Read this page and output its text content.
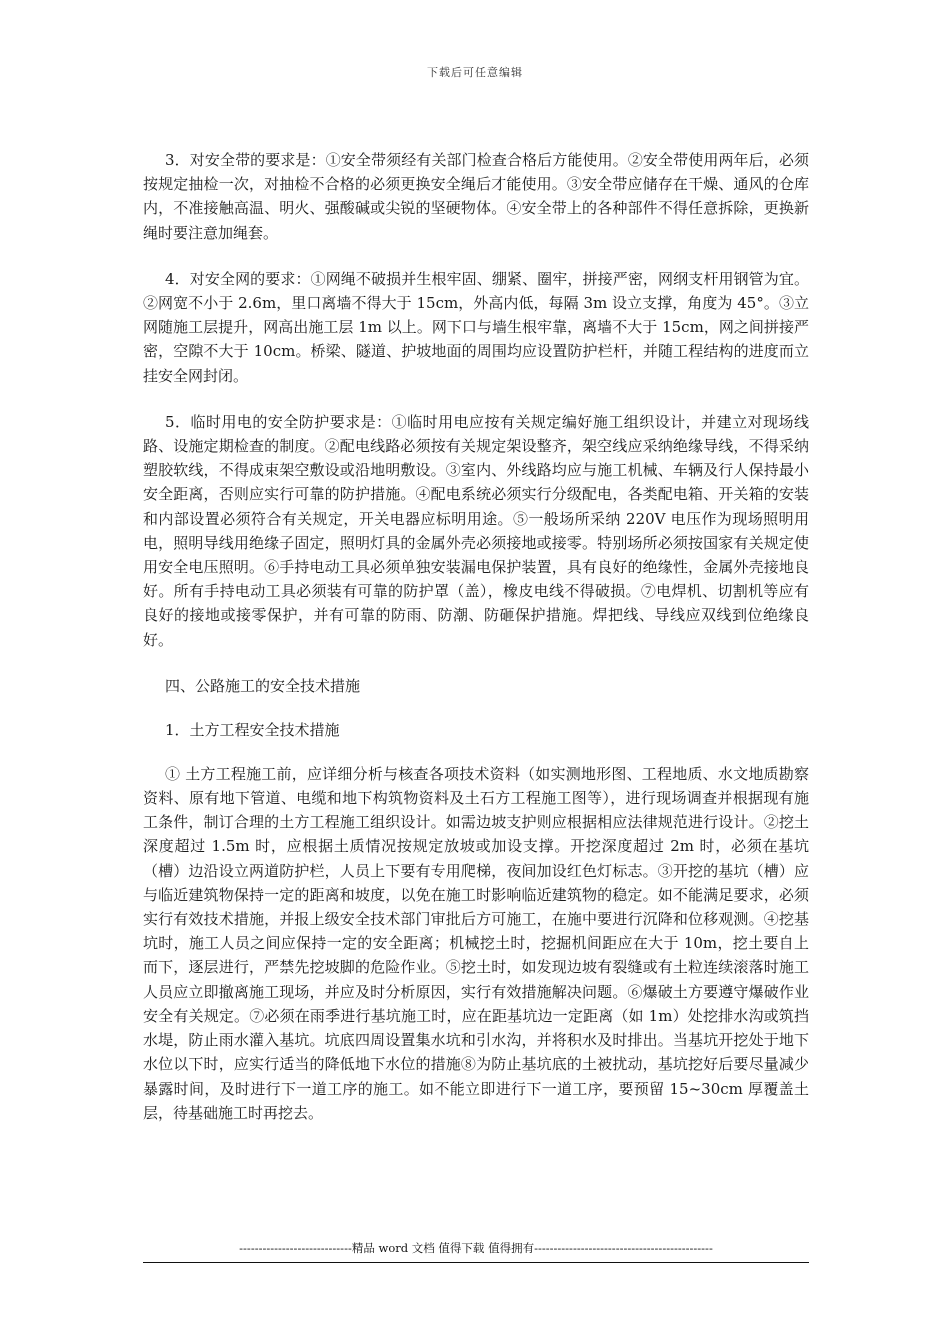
下载后可任意编辑

3．对安全带的要求是：①安全带须经有关部门检查合格后方能使用。②安全带使用两年后，必须按规定抽检一次，对抽检不合格的必须更换安全绳后才能使用。③安全带应储存在干燥、通风的仓库内，不准接触高温、明火、强酸碱或尖锐的坚硬物体。④安全带上的各种部件不得任意拆除，更换新绳时要注意加绳套。

4．对安全网的要求：①网绳不破损并生根牢固、绷紧、圈牢，拼接严密，网纲支杆用钢管为宜。②网宽不小于 2.6m，里口离墙不得大于 15cm，外高内低，每隔 3m 设立支撑，角度为 45°。③立网随施工层提升，网高出施工层 1m 以上。网下口与墙生根牢靠，离墙不大于 15cm，网之间拼接严密，空隙不大于 10cm。桥梁、隧道、护坡地面的周围均应设置防护栏杆，并随工程结构的进度而立挂安全网封闭。

5．临时用电的安全防护要求是：①临时用电应按有关规定编好施工组织设计，并建立对现场线路、设施定期检查的制度。②配电线路必须按有关规定架设整齐，架空线应采纳绝缘导线，不得采纳塑胶软线，不得成束架空敷设或沿地明敷设。③室内、外线路均应与施工机械、车辆及行人保持最小安全距离，否则应实行可靠的防护措施。④配电系统必须实行分级配电，各类配电箱、开关箱的安装和内部设置必须符合有关规定，开关电器应标明用途。⑤一般场所采纳 220V 电压作为现场照明用电，照明导线用绝缘子固定，照明灯具的金属外壳必须接地或接零。特别场所必须按国家有关规定使用安全电压照明。⑥手持电动工具必须单独安装漏电保护装置，具有良好的绝缘性，金属外壳接地良好。所有手持电动工具必须装有可靠的防护罩（盖），橡皮电线不得破损。⑦电焊机、切割机等应有良好的接地或接零保护，并有可靠的防雨、防潮、防砸保护措施。焊把线、导线应双线到位绝缘良好。

四、公路施工的安全技术措施

1．土方工程安全技术措施

① 土方工程施工前，应详细分析与核查各项技术资料（如实测地形图、工程地质、水文地质勘察资料、原有地下管道、电缆和地下构筑物资料及土石方工程施工图等），进行现场调查并根据现有施工条件，制订合理的土方工程施工组织设计。如需边坡支护则应根据相应法律规范进行设计。②挖土深度超过 1.5m 时，应根据土质情况按规定放坡或加设支撑。开挖深度超过 2m 时，必须在基坑（槽）边沿设立两道防护栏，人员上下要有专用爬梯，夜间加设红色灯标志。③开挖的基坑（槽）应与临近建筑物保持一定的距离和坡度，以免在施工时影响临近建筑物的稳定。如不能满足要求，必须实行有效技术措施，并报上级安全技术部门审批后方可施工，在施中要进行沉降和位移观测。④挖基坑时，施工人员之间应保持一定的安全距离；机械挖土时，挖掘机间距应在大于 10m，挖土要自上而下，逐层进行，严禁先挖坡脚的危险作业。⑤挖土时，如发现边坡有裂缝或有土粒连续滚落时施工人员应立即撤离施工现场，并应及时分析原因，实行有效措施解决问题。⑥爆破土方要遵守爆破作业安全有关规定。⑦必须在雨季进行基坑施工时，应在距基坑边一定距离（如 1m）处挖排水沟或筑挡水堤，防止雨水灌入基坑。坑底四周设置集水坑和引水沟，并将积水及时排出。当基坑开挖处于地下水位以下时，应实行适当的降低地下水位的措施⑧为防止基坑底的土被扰动，基坑挖好后要尽量减少暴露时间，及时进行下一道工序的施工。如不能立即进行下一道工序，要预留 15~30cm 厚覆盖土层，待基础施工时再挖去。

-----------------------------精品 word 文档 值得下载 值得拥有----------------------------------------------
